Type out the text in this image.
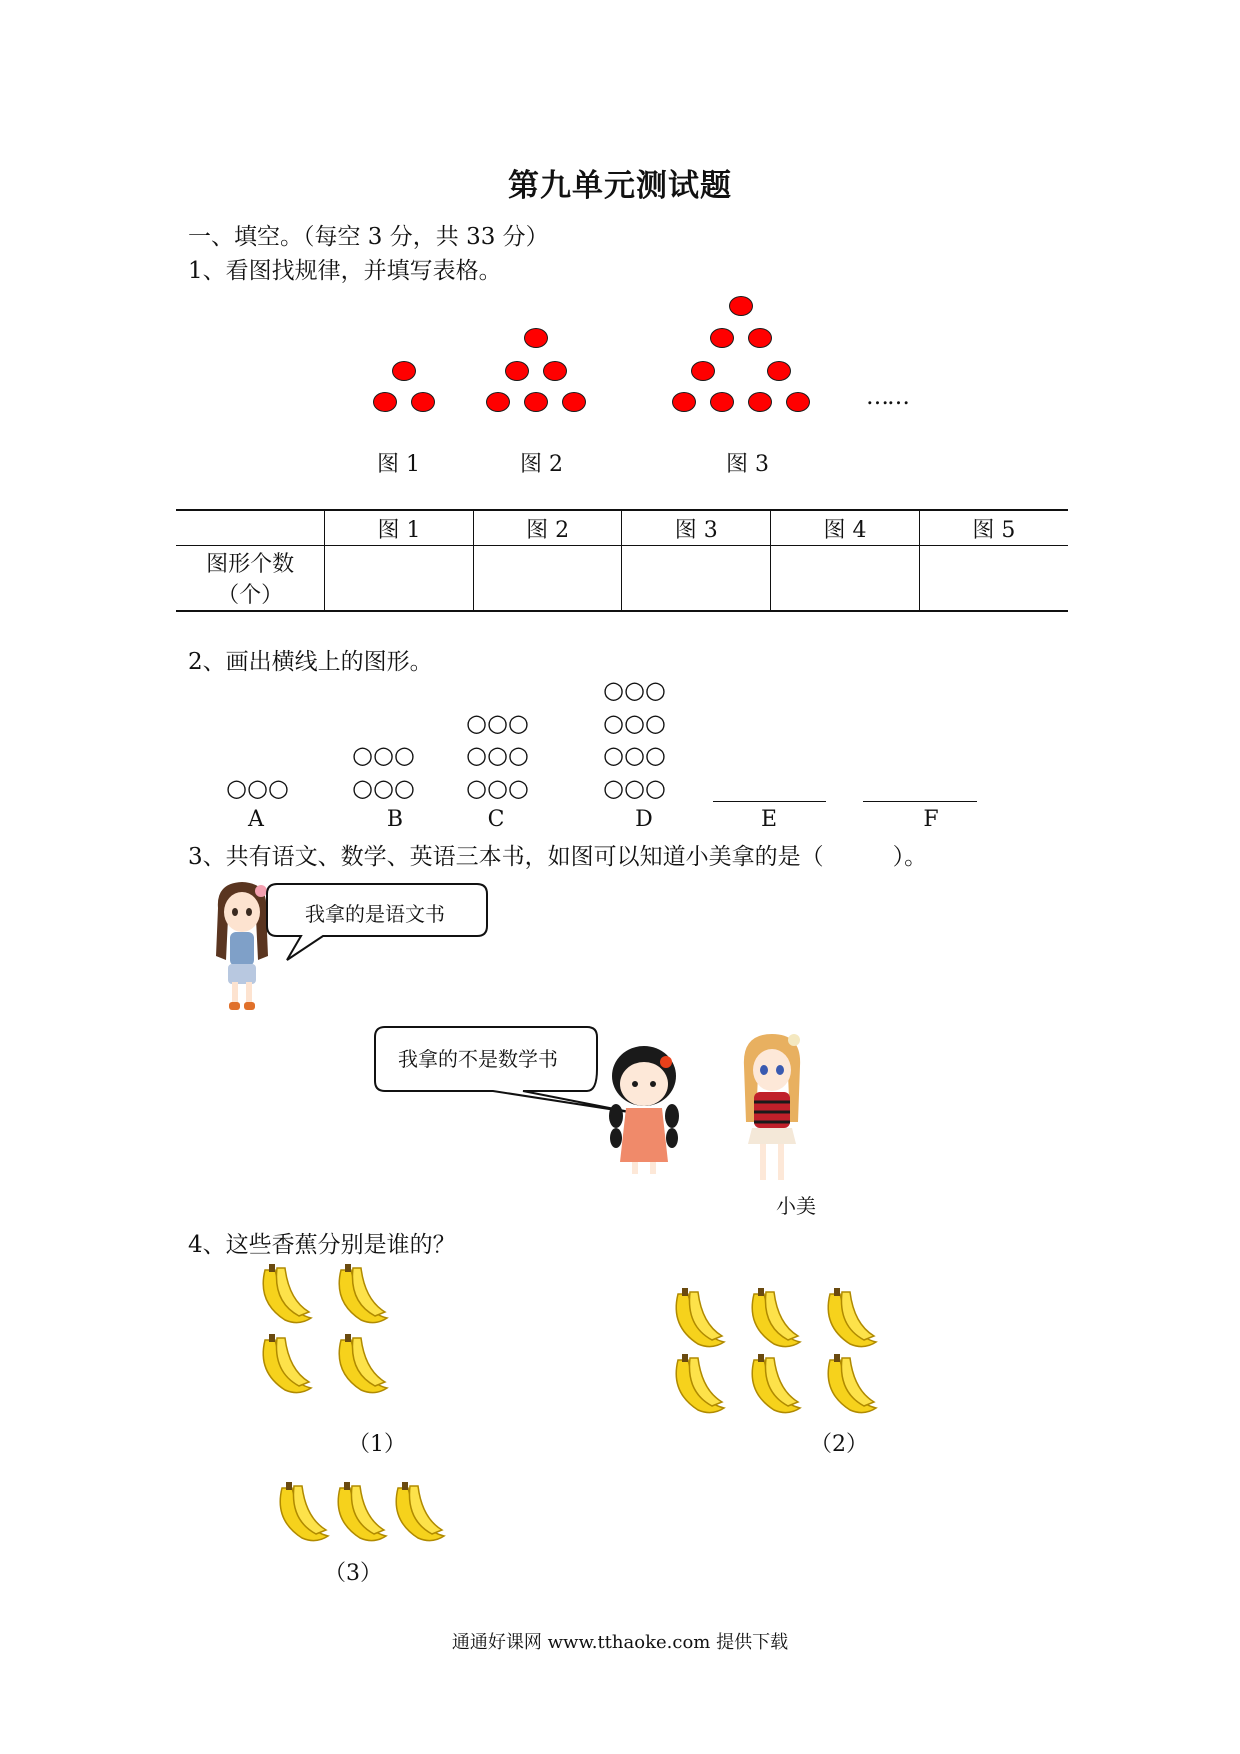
第九单元测试题
一、填空。（每空 3 分，共 33 分）
1、看图找规律，并填写表格。
……
图 1	图 2	图 3
	图 1	图 2	图 3	图 4	图 5

图形个数
（个）					

2、画出横线上的图形。
○○○
○○○
○○○
○○○
○○○
○○○
○○○
○○○
○○○
○○○
A	B	C	D	E	F
3、共有语文、数学、英语三本书，如图可以知道小美拿的是（　　　）。
我拿的是语文书
我拿的不是数学书
小美
4、这些香蕉分别是谁的？
（1）	（2）
（3）
通通好课网 www.tthaoke.com 提供下载
